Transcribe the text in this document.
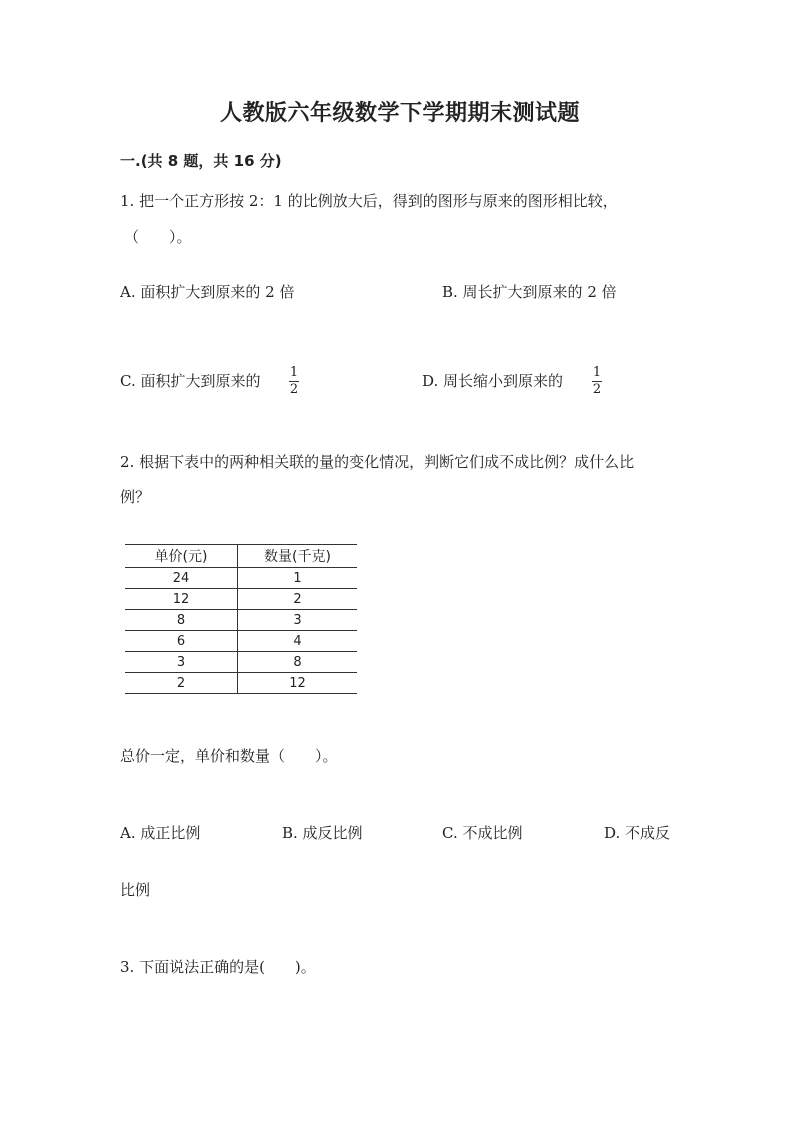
人教版六年级数学下学期期末测试题
一.(共 8 题，共 16 分)
1. 把一个正方形按 2：1 的比例放大后，得到的图形与原来的图形相比较，
（　　）。
A. 面积扩大到原来的 2 倍	B. 周长扩大到原来的 2 倍
C. 面积扩大到原来的 1
2	D. 周长缩小到原来的 1
2
2. 根据下表中的两种相关联的量的变化情况，判断它们成不成比例？成什么比
例？
单价(元)	数量(千克)
24	1
12	2
8	3
6	4
3	8
2	12
总价一定，单价和数量（　　）。
A. 成正比例	B. 成反比例	C. 不成比例	D. 不成反
比例
3. 下面说法正确的是(　　)。
